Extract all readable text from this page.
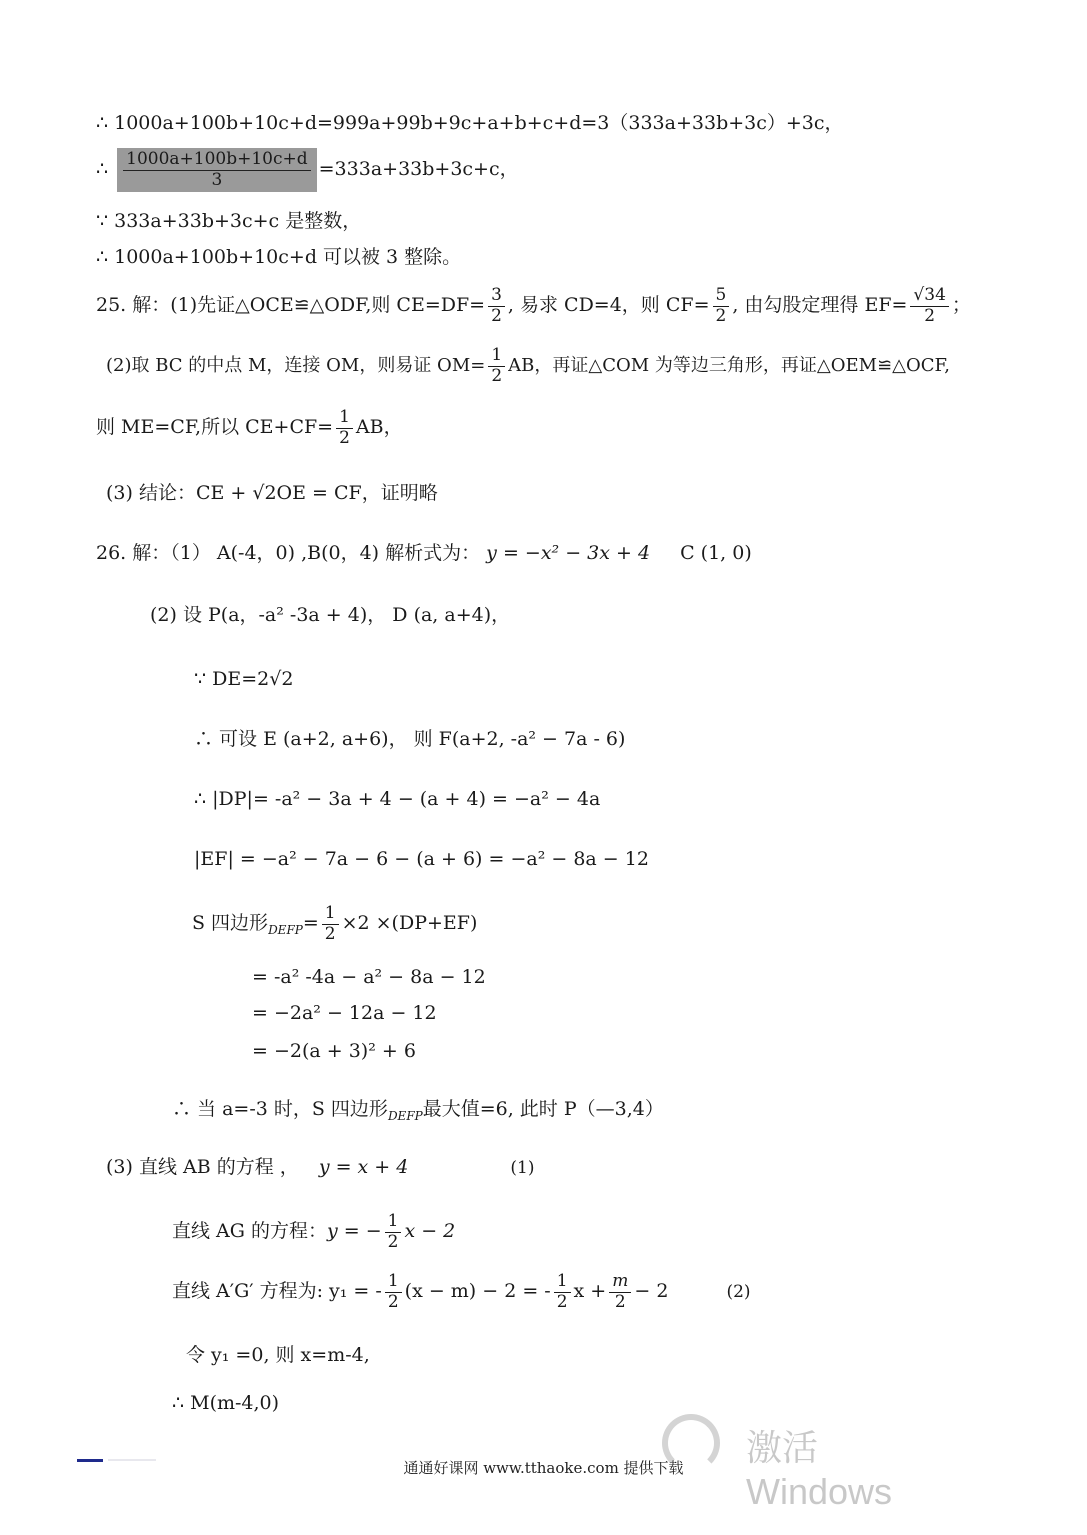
∴ 1000a+100b+10c+d=999a+99b+9c+a+b+c+d=3（333a+33b+3c）+3c，
∴ $\frac{1000a+100b+10c+d}{3} =333a+33b+3c+c$，
∵ 333a+33b+3c+c 是整数，
∴ 1000a+100b+10c+d 可以被 3 整除。
25. 解：(1)先证△OCE≌△ODF,则 $CE=DF= \frac{3}{2}$ , 易求 CD=4，则 $CF= \frac{5}{2}$ , 由勾股定理得 $EF= \frac{√34}{2}$ ；
(2)取 BC 的中点 M，连接 OM，则易证 $OM= \frac{1}{2}$ AB，再证△COM 为等边三角形，再证△OEM≌△OCF,
则 ME=CF,所以 $CE+CF= \frac{1}{2}$ AB，
(3) 结论：CE + √2OE = CF，证明略
26. 解：（1） A(-4，0) ,B(0，4) 解析式为： y = −x² − 3x + 4 C (1, 0)
(2) 设 P(a，-a² -3a + 4)， D (a, a+4)，
∵ DE=2√2
∴ 可设 E (a+2, a+6)， 则 F(a+2, -a² − 7a - 6)
∴ |DP|= -a² − 3a + 4 − (a + 4) = −a² − 4a
|EF| = −a² − 7a − 6 − (a + 6) = −a² − 8a − 12
S 四边形$_{DEFP}= \frac{1}{2} \times 2 \times(DP+EF)$
= -a² -4a − a² − 8a − 12
= −2a² − 12a − 12
= −2(a + 3)² + 6
∴ 当 a=-3 时，S 四边形$_{DEFP}$最大值=6, 此时 P（—3,4）
(3) 直线 AB 的方程 ， y = x + 4	(1)
直线 AG 的方程：y = − $\frac{1}{2}$ x − 2
直线 A′G′ 方程为: y₁ = - $\frac{1}{2} (x - m) - 2$ = - $\frac{1}{2}$ $x + \frac{m}{2} - 2$	(2)
令 y₁ =0, 则 x=m-4,
∴ M(m-4,0)
激活 Windows
通通好课网 www.tthaoke.com 提供下载
